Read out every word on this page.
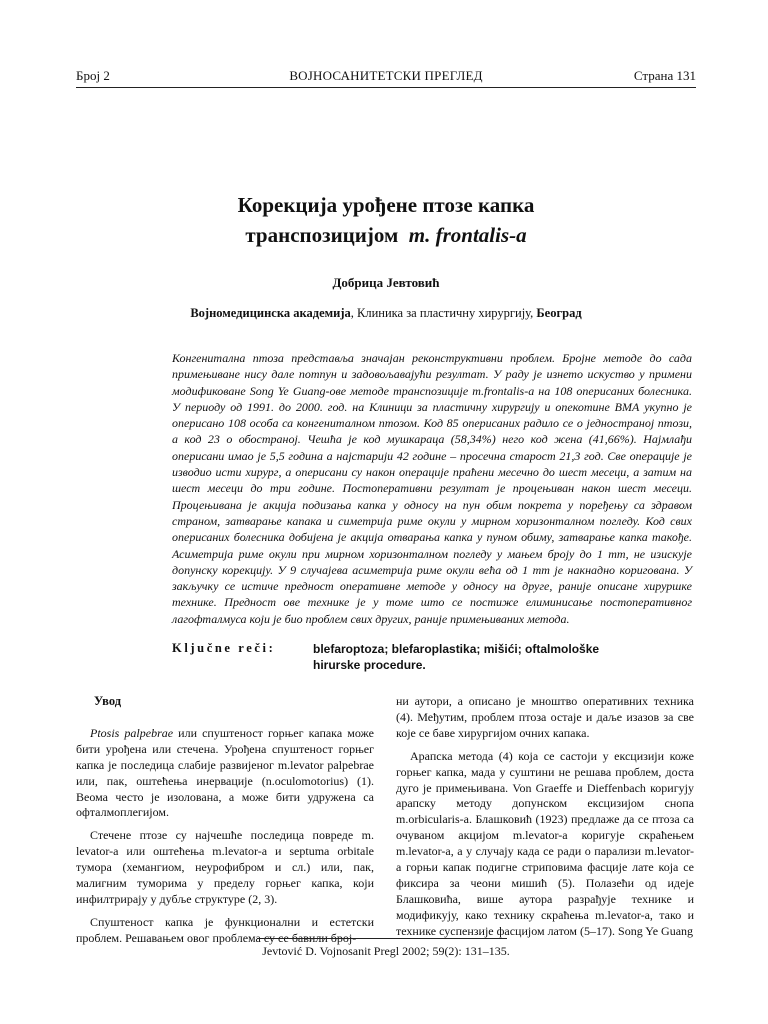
Број 2	ВОЈНОСАНИТЕТСКИ ПРЕГЛЕД	Страна 131
Корекција урођене птозе капка
транспозицијом m. frontalis-a
Добрица Јевтовић
Војномедицинска академија, Клиника за пластичну хирургију, Београд

Конгенитална птоза представља значајан реконструктивни проблем. Бројне методе до сада примењиване нису дале потпун и задовољавајући резултат. У раду је изнето искуство у примени модификоване Song Ye Guang-ове методе транспозиције m.frontalis-a на 108 оперисаних болесника. У периоду од 1991. до 2000. год. на Клиници за пластичну хирургију и опекотине ВМА укупно је оперисано 108 особа са конгениталном птозом. Код 85 оперисаних радило се о једностраној птози, а код 23 о обостраној. Чешћа је код мушкараца (58,34%) него код жена (41,66%). Најмлађи оперисани имао је 5,5 година а најстарији 42 године – просечна старост 21,3 год. Све операције је изводио исти хирург, а оперисани су након операције праћени месечно до шест месеци, а затим на шест месеци до три године. Постоперативни резултат је процењиван након шест месеци. Процењивана је акција подизања капка у односу на пун обим покрета у поређењу са здравом страном, затварање капака и симетрија риме окули у мирном хоризонталном погледу. Код свих оперисаних болесника добијена је акција отварања капка у пуном обиму, затварање капка такође. Асиметрија риме окули при мирном хоризонталном погледу у мањем броју до 1 mm, не изискује допунску корекцију. У 9 случајева асиметрија риме окули већа од 1 mm је накнадно коригована. У закључку се истиче предност оперативне методе у односу на друге, раније описане хируршке технике. Предност ове технике је у томе што се постиже елиминисање постоперативног лагофталмуса који је био проблем свих других, раније примењиваних метода.

Ključne reči:	blefaroptoza; blefaroplastika; mišići; oftalmološke hirurske procedure.
Увод

Ptosis palpebrae или спуштеност горњег капака може бити урођена или стечена. Урођена спуштеност горњег капка је последица слабије развијеног m.levator palpebrae или, пак, оштећења инервације (n.oculomotorius) (1). Веома често је изолована, а може бити удружена са офталмоплегијом.

Стечене птозе су најчешће последица повреде m. levator-а или оштећења m.levator-а и septuma orbitale тумора (хемангиом, неурофибром и сл.) или, пак, малигним туморима у пределу горњег капка, који инфилтрирају у дубље структуре (2, 3).

Спуштеност капка је функционални и естетски проблем. Решавањем овог проблема су се бавили број-

ни аутори, а описано је мноштво оперативних техника (4). Међутим, проблем птоза остаје и даље изазов за све које се баве хирургијом очних капака.

Арапска метода (4) која се састоји у ексцизији коже горњег капка, мада у суштини не решава проблем, доста дуго је примењивана. Von Graeffe и Dieffenbach коригују арапску методу допунском ексцизијом снопа m.orbicularis-а. Блашковић (1923) предлаже да се птоза са очуваном акцијом m.levator-а коригује скраћењем m.levator-а, а у случају када се ради о парализи m.levator-а горњи капак подигне стриповима фасције лате која се фиксира за чеони мишић (5). Полазећи од идеје Блашковића, више аутора разрађује технике и модификују, како технику скраћења m.levator-а, тако и технике суспензије фасцијом латом (5–17). Song Ye Guang

Jevtović D. Vojnosanit Pregl 2002; 59(2): 131–135.
